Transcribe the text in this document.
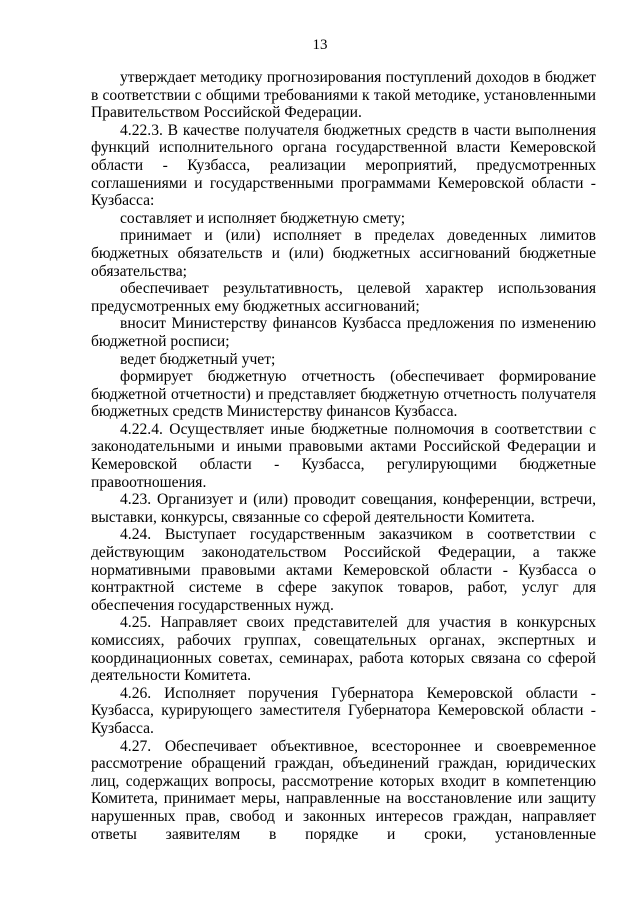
13

утверждает методику прогнозирования поступлений доходов в бюджет в соответствии с общими требованиями к такой методике, установленными Правительством Российской Федерации.

4.22.3. В качестве получателя бюджетных средств в части выполнения функций исполнительного органа государственной власти Кемеровской области - Кузбасса, реализации мероприятий, предусмотренных соглашениями и государственными программами Кемеровской области - Кузбасса:

составляет и исполняет бюджетную смету;

принимает и (или) исполняет в пределах доведенных лимитов бюджетных обязательств и (или) бюджетных ассигнований бюджетные обязательства;

обеспечивает результативность, целевой характер использования предусмотренных ему бюджетных ассигнований;

вносит Министерству финансов Кузбасса предложения по изменению бюджетной росписи;

ведет бюджетный учет;

формирует бюджетную отчетность (обеспечивает формирование бюджетной отчетности) и представляет бюджетную отчетность получателя бюджетных средств Министерству финансов Кузбасса.

4.22.4. Осуществляет иные бюджетные полномочия в соответствии с законодательными и иными правовыми актами Российской Федерации и Кемеровской области - Кузбасса, регулирующими бюджетные правоотношения.

4.23. Организует и (или) проводит совещания, конференции, встречи, выставки, конкурсы, связанные со сферой деятельности Комитета.

4.24. Выступает государственным заказчиком в соответствии с действующим законодательством Российской Федерации, а также нормативными правовыми актами Кемеровской области - Кузбасса о контрактной системе в сфере закупок товаров, работ, услуг для обеспечения государственных нужд.

4.25. Направляет своих представителей для участия в конкурсных комиссиях, рабочих группах, совещательных органах, экспертных и координационных советах, семинарах, работа которых связана со сферой деятельности Комитета.

4.26. Исполняет поручения Губернатора Кемеровской области - Кузбасса, курирующего заместителя Губернатора Кемеровской области - Кузбасса.

4.27. Обеспечивает объективное, всестороннее и своевременное рассмотрение обращений граждан, объединений граждан, юридических лиц, содержащих вопросы, рассмотрение которых входит в компетенцию Комитета, принимает меры, направленные на восстановление или защиту нарушенных прав, свобод и законных интересов граждан, направляет ответы заявителям в порядке и сроки, установленные
